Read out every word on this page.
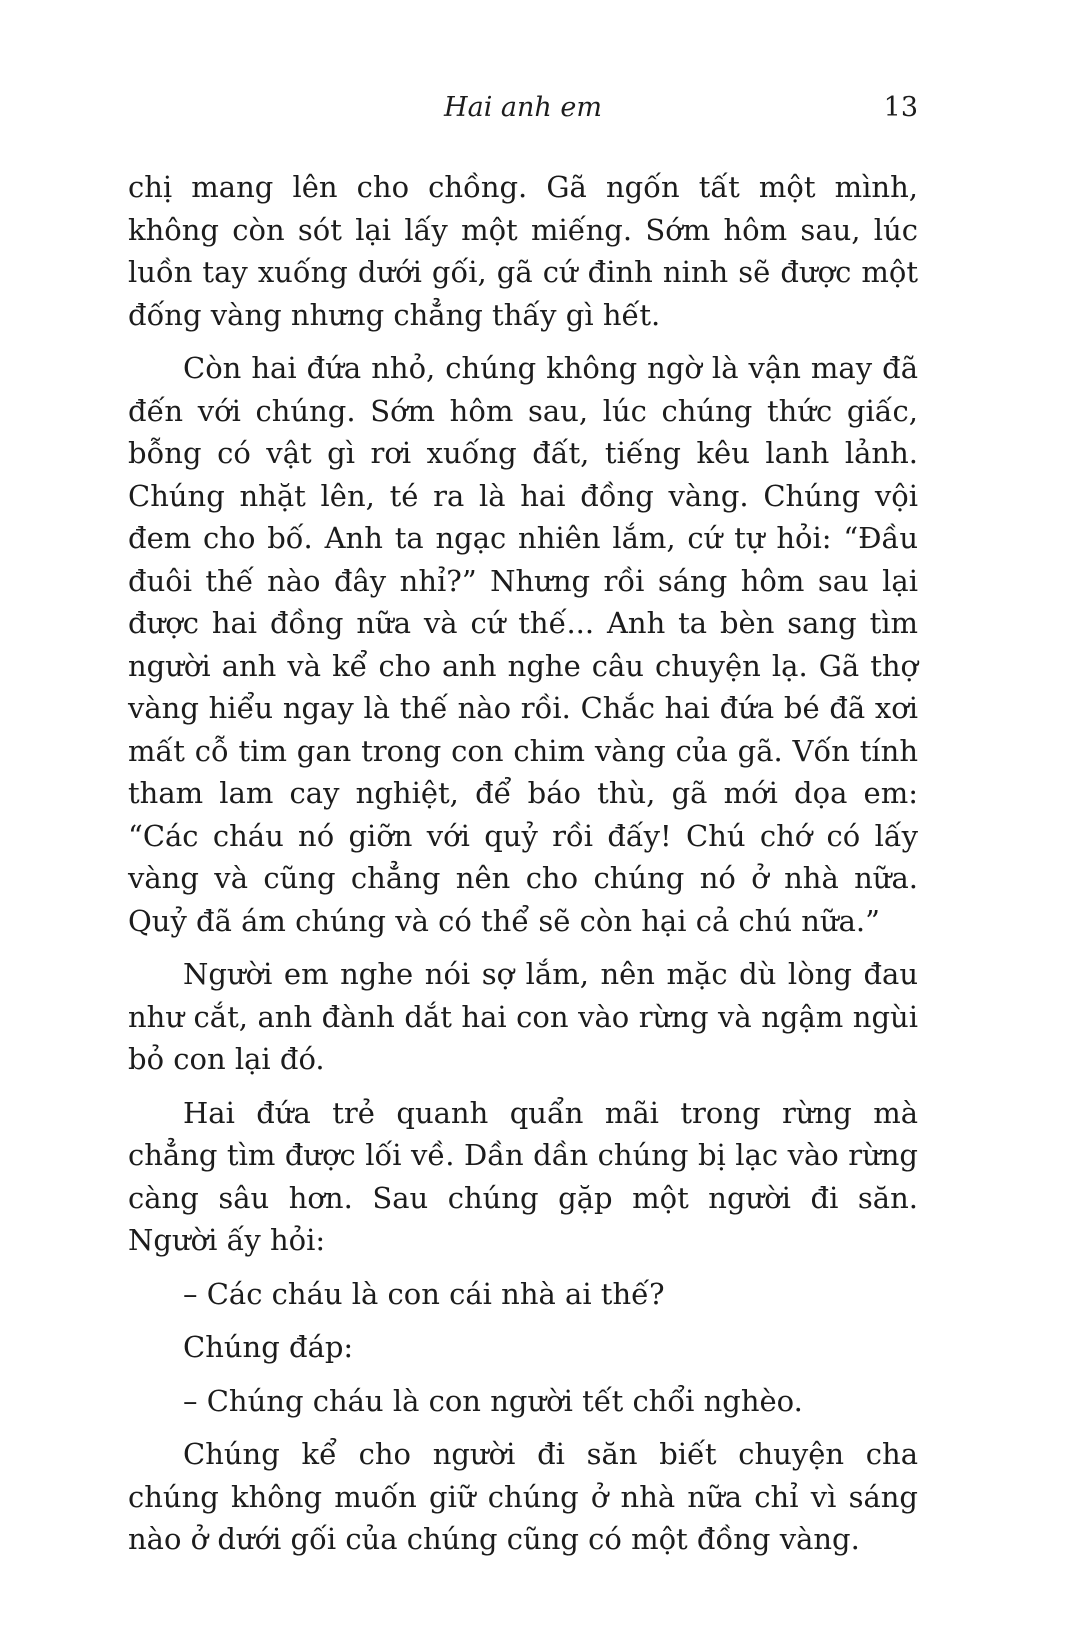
Hai anh em	13

chị mang lên cho chồng. Gã ngốn tất một mình, không còn sót lại lấy một miếng. Sớm hôm sau, lúc luồn tay xuống dưới gối, gã cứ đinh ninh sẽ được một đống vàng nhưng chẳng thấy gì hết.

Còn hai đứa nhỏ, chúng không ngờ là vận may đã đến với chúng. Sớm hôm sau, lúc chúng thức giấc, bỗng có vật gì rơi xuống đất, tiếng kêu lanh lảnh. Chúng nhặt lên, té ra là hai đồng vàng. Chúng vội đem cho bố. Anh ta ngạc nhiên lắm, cứ tự hỏi: “Đầu đuôi thế nào đây nhỉ?” Nhưng rồi sáng hôm sau lại được hai đồng nữa và cứ thế... Anh ta bèn sang tìm người anh và kể cho anh nghe câu chuyện lạ. Gã thợ vàng hiểu ngay là thế nào rồi. Chắc hai đứa bé đã xơi mất cỗ tim gan trong con chim vàng của gã. Vốn tính tham lam cay nghiệt, để báo thù, gã mới dọa em: “Các cháu nó giỡn với quỷ rồi đấy! Chú chớ có lấy vàng và cũng chẳng nên cho chúng nó ở nhà nữa. Quỷ đã ám chúng và có thể sẽ còn hại cả chú nữa.”

Người em nghe nói sợ lắm, nên mặc dù lòng đau như cắt, anh đành dắt hai con vào rừng và ngậm ngùi bỏ con lại đó.

Hai đứa trẻ quanh quẩn mãi trong rừng mà chẳng tìm được lối về. Dần dần chúng bị lạc vào rừng càng sâu hơn. Sau chúng gặp một người đi săn. Người ấy hỏi:

– Các cháu là con cái nhà ai thế?

Chúng đáp:

– Chúng cháu là con người tết chổi nghèo.

Chúng kể cho người đi săn biết chuyện cha chúng không muốn giữ chúng ở nhà nữa chỉ vì sáng nào ở dưới gối của chúng cũng có một đồng vàng.
